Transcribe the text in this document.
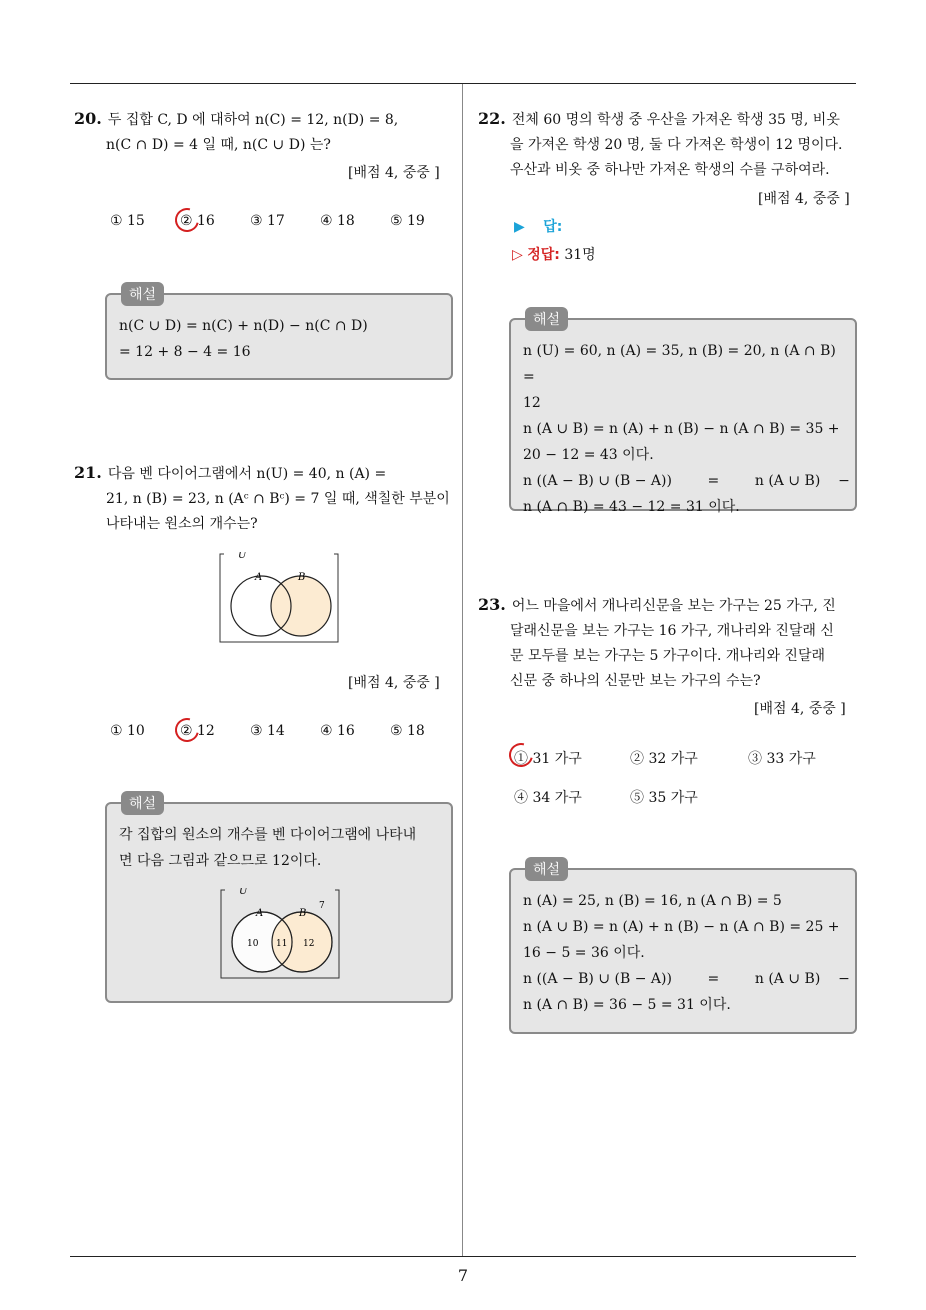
7
20. 두 집합 C, D 에 대하여 n(C) = 12, n(D) = 8,
n(C ∩ D) = 4 일 때, n(C ∪ D) 는?
[배점 4, 중중 ]
① 15	② 16	③ 17	④ 18	⑤ 19
해설
n(C ∪ D) = n(C) + n(D) − n(C ∩ D)
= 12 + 8 − 4 = 16
21. 다음 벤 다이어그램에서 n(U) = 40, n (A) =
21, n (B) = 23, n (Aᶜ ∩ Bᶜ) = 7 일 때, 색칠한 부분이
나타내는 원소의 개수는?
U
A	B
[배점 4, 중중 ]
① 10	② 12	③ 14	④ 16	⑤ 18
해설
각 집합의 원소의 개수를 벤 다이어그램에 나타내
면 다음 그림과 같으므로 12이다.
U
7
A	B
10 11 12
22. 전체 60 명의 학생 중 우산을 가져온 학생 35 명, 비옷
을 가져온 학생 20 명, 둘 다 가져온 학생이 12 명이다.
우산과 비옷 중 하나만 가져온 학생의 수를 구하여라.
[배점 4, 중중 ]
▶ 답:
▷ 정답: 31명
해설
n (U) = 60, n (A) = 35, n (B) = 20, n (A ∩ B) =
12
n (A ∪ B) = n (A) + n (B) − n (A ∩ B) = 35 +
20 − 12 = 43 이다.
n ((A − B) ∪ (B − A))        =        n (A ∪ B)    −
n (A ∩ B) = 43 − 12 = 31 이다.
23. 어느 마을에서 개나리신문을 보는 가구는 25 가구, 진
달래신문을 보는 가구는 16 가구, 개나리와 진달래 신
문 모두를 보는 가구는 5 가구이다. 개나리와 진달래
신문 중 하나의 신문만 보는 가구의 수는?
[배점 4, 중중 ]
① 31 가구	② 32 가구	③ 33 가구
④ 34 가구	⑤ 35 가구
해설
n (A) = 25, n (B) = 16, n (A ∩ B) = 5
n (A ∪ B) = n (A) + n (B) − n (A ∩ B) = 25 +
16 − 5 = 36 이다.
n ((A − B) ∪ (B − A))        =        n (A ∪ B)    −
n (A ∩ B) = 36 − 5 = 31 이다.
